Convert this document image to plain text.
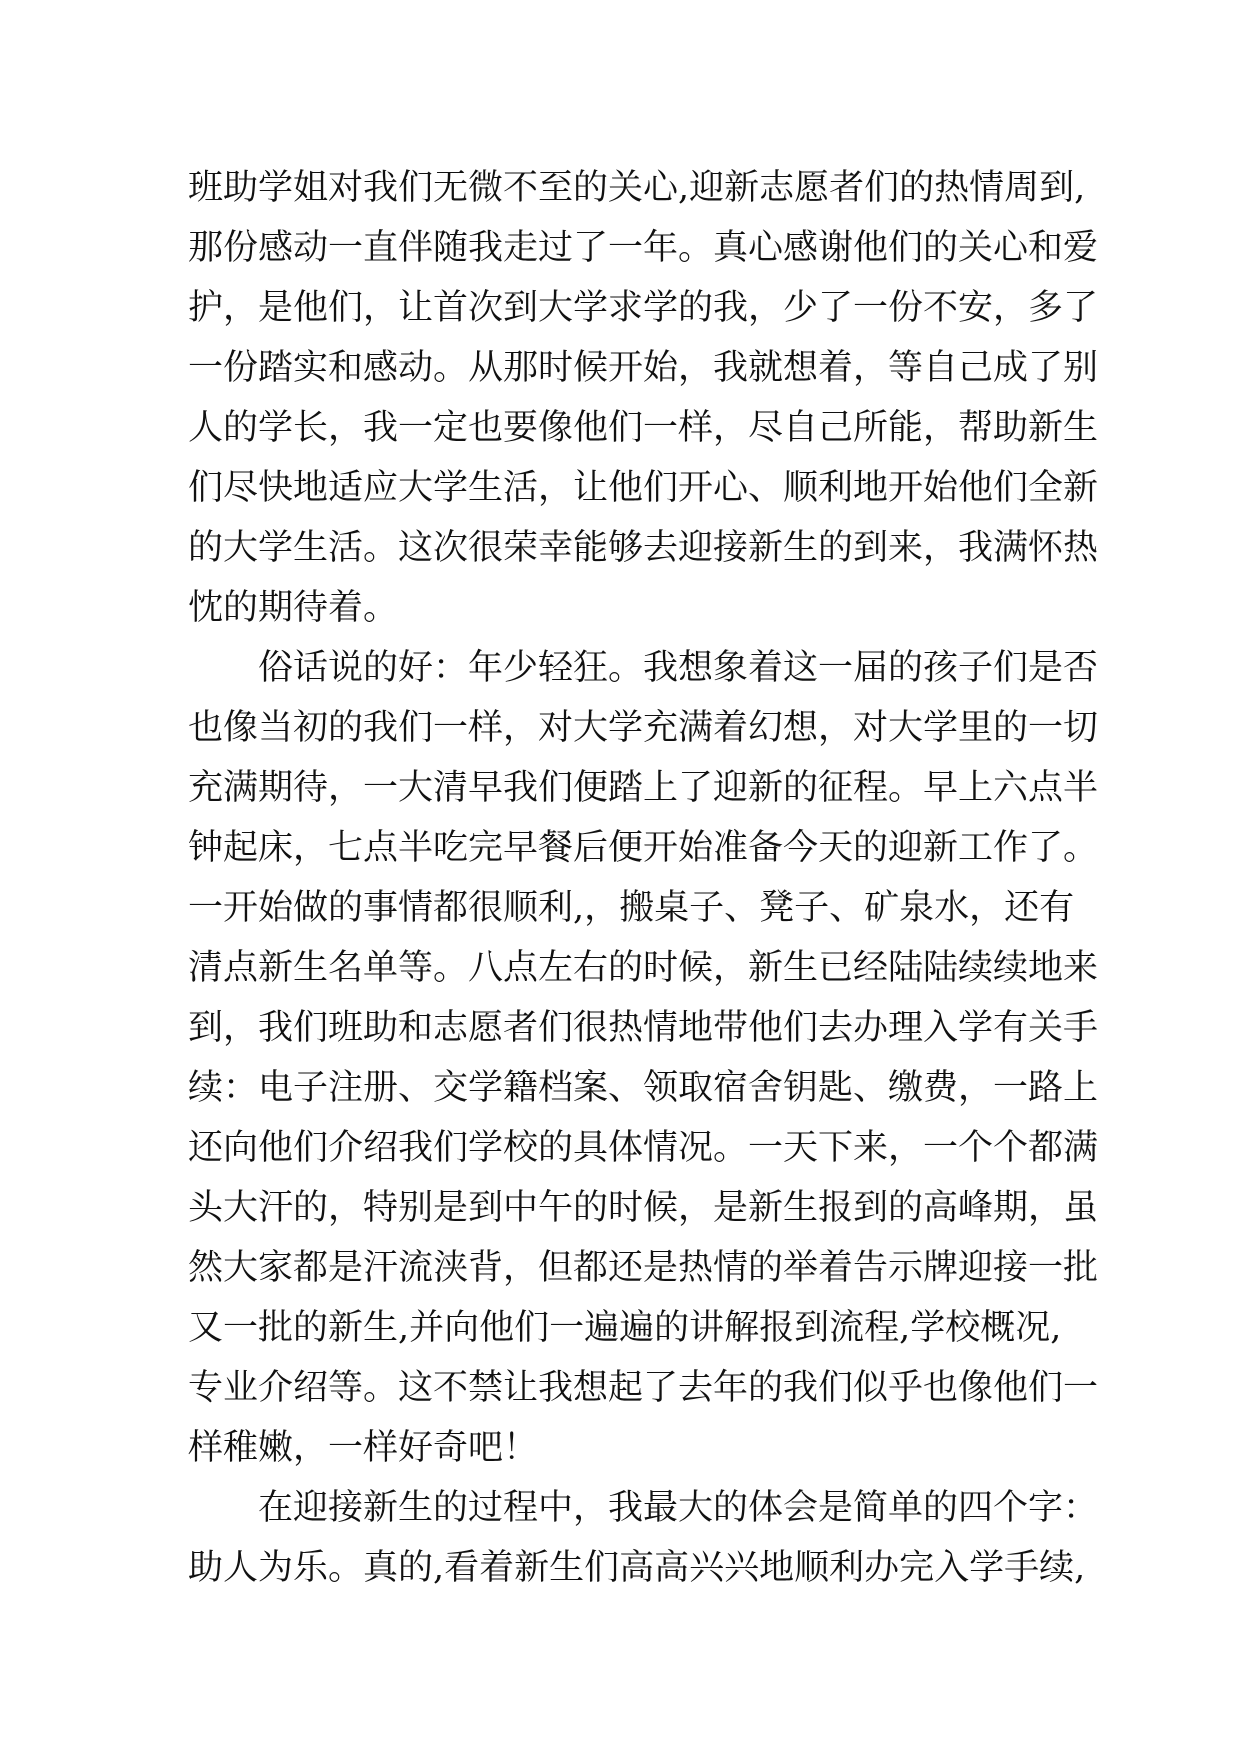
班助学姐对我们无微不至的关心,迎新志愿者们的热情周到,
那份感动一直伴随我走过了一年。真心感谢他们的关心和爱
护，是他们，让首次到大学求学的我，少了一份不安，多了
一份踏实和感动。从那时候开始，我就想着，等自己成了别
人的学长，我一定也要像他们一样，尽自己所能，帮助新生
们尽快地适应大学生活，让他们开心、顺利地开始他们全新
的大学生活。这次很荣幸能够去迎接新生的到来，我满怀热
忱的期待着。
俗话说的好：年少轻狂。我想象着这一届的孩子们是否
也像当初的我们一样，对大学充满着幻想，对大学里的一切
充满期待，一大清早我们便踏上了迎新的征程。早上六点半
钟起床，七点半吃完早餐后便开始准备今天的迎新工作了。
一开始做的事情都很顺利,，搬桌子、凳子、矿泉水，还有
清点新生名单等。八点左右的时候，新生已经陆陆续续地来
到，我们班助和志愿者们很热情地带他们去办理入学有关手
续：电子注册、交学籍档案、领取宿舍钥匙、缴费，一路上
还向他们介绍我们学校的具体情况。一天下来，一个个都满
头大汗的，特别是到中午的时候，是新生报到的高峰期，虽
然大家都是汗流浃背，但都还是热情的举着告示牌迎接一批
又一批的新生,并向他们一遍遍的讲解报到流程,学校概况,
专业介绍等。这不禁让我想起了去年的我们似乎也像他们一
样稚嫩，一样好奇吧！
在迎接新生的过程中，我最大的体会是简单的四个字：
助人为乐。真的,看着新生们高高兴兴地顺利办完入学手续,
